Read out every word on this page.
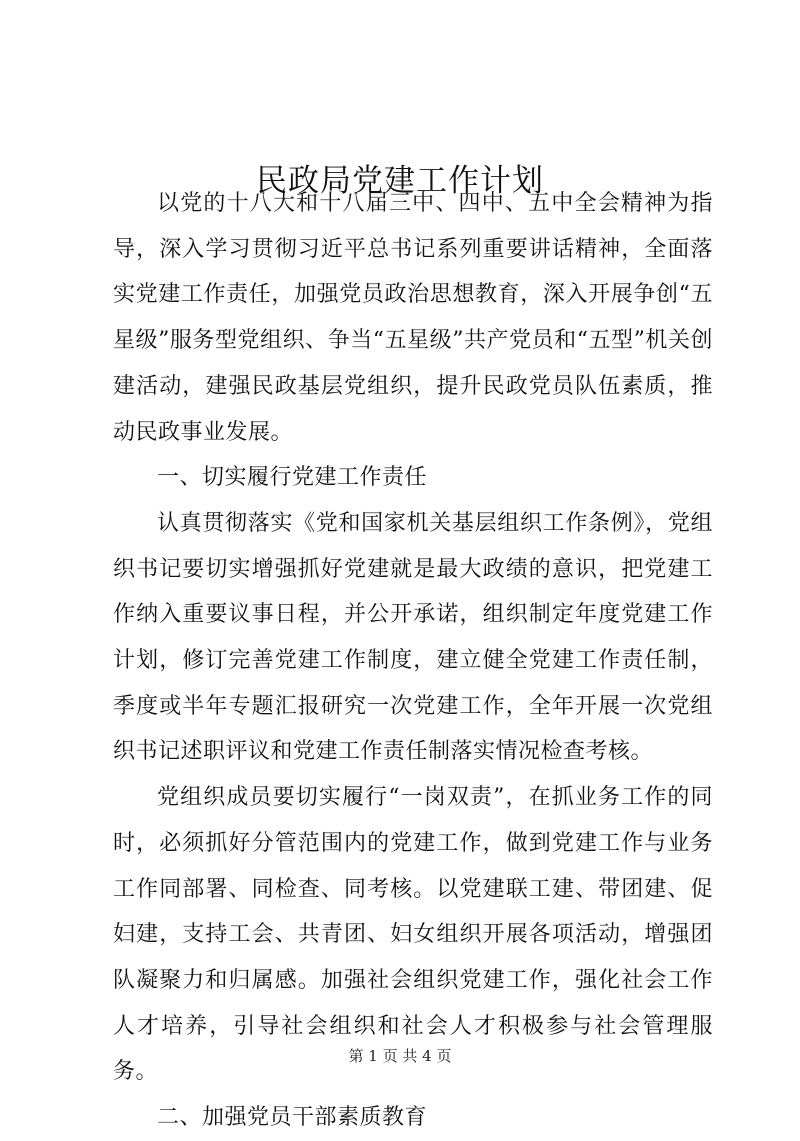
民政局党建工作计划

以党的十八大和十八届三中、四中、五中全会精神为指导，深入学习贯彻习近平总书记系列重要讲话精神，全面落实党建工作责任，加强党员政治思想教育，深入开展争创“五星级”服务型党组织、争当“五星级”共产党员和“五型”机关创建活动，建强民政基层党组织，提升民政党员队伍素质，推动民政事业发展。

一、切实履行党建工作责任

认真贯彻落实《党和国家机关基层组织工作条例》，党组织书记要切实增强抓好党建就是最大政绩的意识，把党建工作纳入重要议事日程，并公开承诺，组织制定年度党建工作计划，修订完善党建工作制度，建立健全党建工作责任制，季度或半年专题汇报研究一次党建工作，全年开展一次党组织书记述职评议和党建工作责任制落实情况检查考核。

党组织成员要切实履行“一岗双责”，在抓业务工作的同时，必须抓好分管范围内的党建工作，做到党建工作与业务工作同部署、同检查、同考核。以党建联工建、带团建、促妇建，支持工会、共青团、妇女组织开展各项活动，增强团队凝聚力和归属感。加强社会组织党建工作，强化社会工作人才培养，引导社会组织和社会人才积极参与社会管理服务。

二、加强党员干部素质教育

第 1 页 共 4 页
